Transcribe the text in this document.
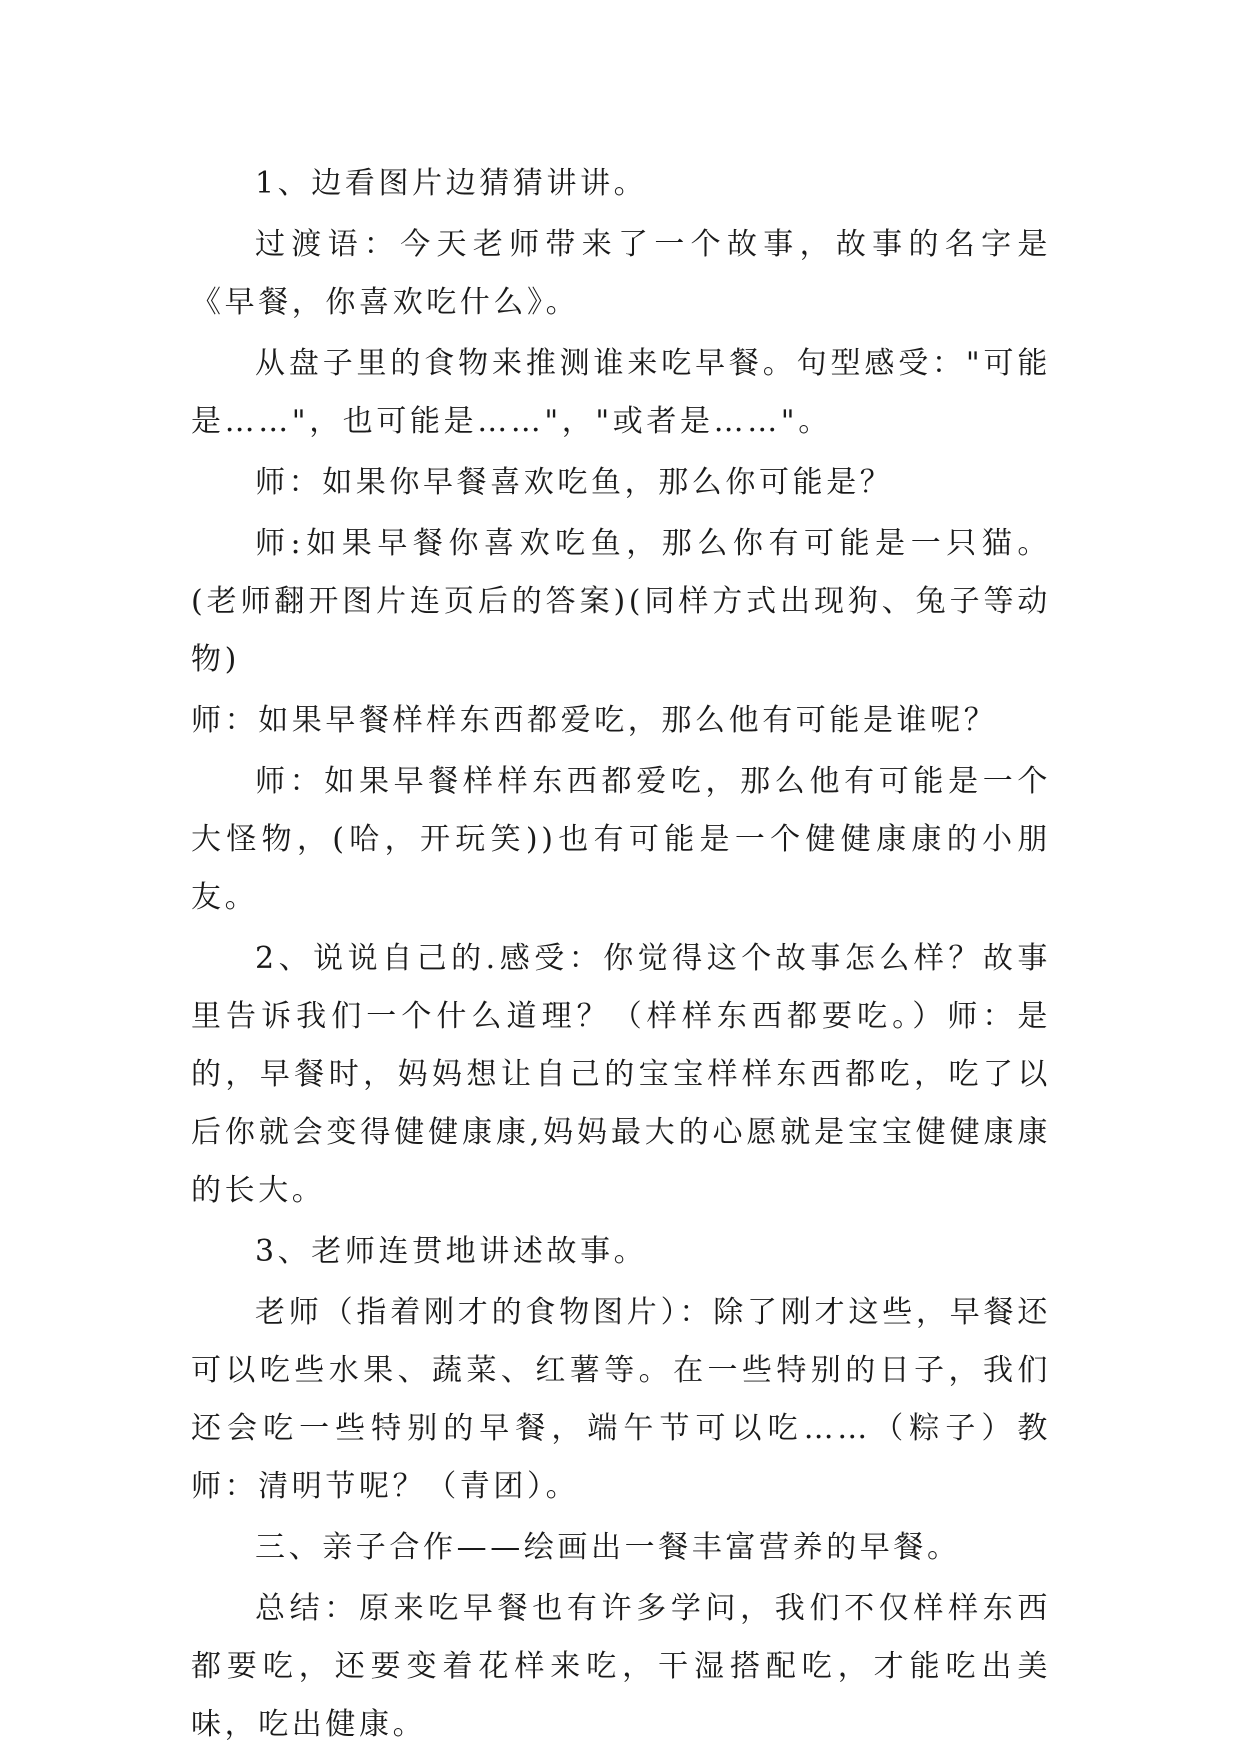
1、边看图片边猜猜讲讲。

过渡语：今天老师带来了一个故事，故事的名字是《早餐，你喜欢吃什么》。

从盘子里的食物来推测谁来吃早餐。句型感受："可能是……"，也可能是……"，"或者是……"。

师：如果你早餐喜欢吃鱼，那么你可能是？

师:如果早餐你喜欢吃鱼，那么你有可能是一只猫。(老师翻开图片连页后的答案)(同样方式出现狗、兔子等动物)

师：如果早餐样样东西都爱吃，那么他有可能是谁呢？

师：如果早餐样样东西都爱吃，那么他有可能是一个大怪物，(哈，开玩笑))也有可能是一个健健康康的小朋友。

2、说说自己的.感受：你觉得这个故事怎么样？故事里告诉我们一个什么道理？（样样东西都要吃。）师：是的，早餐时，妈妈想让自己的宝宝样样东西都吃，吃了以后你就会变得健健康康,妈妈最大的心愿就是宝宝健健康康的长大。

3、老师连贯地讲述故事。

老师（指着刚才的食物图片）：除了刚才这些，早餐还可以吃些水果、蔬菜、红薯等。在一些特别的日子，我们还会吃一些特别的早餐，端午节可以吃……（粽子）教师：清明节呢？（青团）。

三、亲子合作——绘画出一餐丰富营养的早餐。

总结：原来吃早餐也有许多学问，我们不仅样样东西都要吃，还要变着花样来吃，干湿搭配吃，才能吃出美味，吃出健康。
